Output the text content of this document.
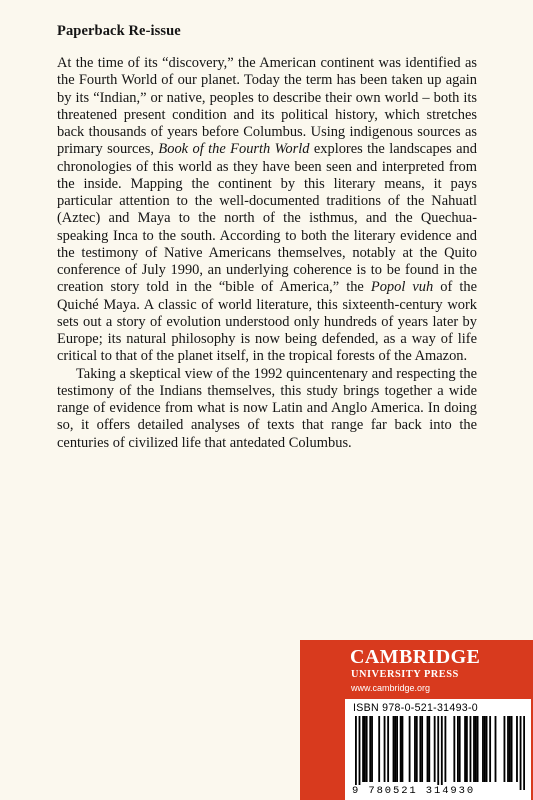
Paperback Re-issue

At the time of its “discovery,” the American continent was identified as the Fourth World of our planet. Today the term has been taken up again by its “Indian,” or native, peoples to describe their own world – both its threatened present condition and its political history, which stretches back thousands of years before Columbus. Using indigenous sources as primary sources, Book of the Fourth World explores the landscapes and chronologies of this world as they have been seen and interpreted from the inside. Mapping the continent by this literary means, it pays particular attention to the well-documented traditions of the Nahuatl (Aztec) and Maya to the north of the isthmus, and the Quechua-speaking Inca to the south. According to both the literary evidence and the testimony of Native Americans themselves, notably at the Quito conference of July 1990, an underlying coherence is to be found in the creation story told in the “bible of America,” the Popol vuh of the Quiché Maya. A classic of world literature, this sixteenth-century work sets out a story of evolution understood only hundreds of years later by Europe; its natural philosophy is now being defended, as a way of life critical to that of the planet itself, in the tropical forests of the Amazon.

Taking a skeptical view of the 1992 quincentenary and respecting the testimony of the Indians themselves, this study brings together a wide range of evidence from what is now Latin and Anglo America. In doing so, it offers detailed analyses of texts that range far back into the centuries of civilized life that antedated Columbus.

CAMBRIDGE
UNIVERSITY PRESS
www.cambridge.org
ISBN 978-0-521-31493-0
9 780521 314930
